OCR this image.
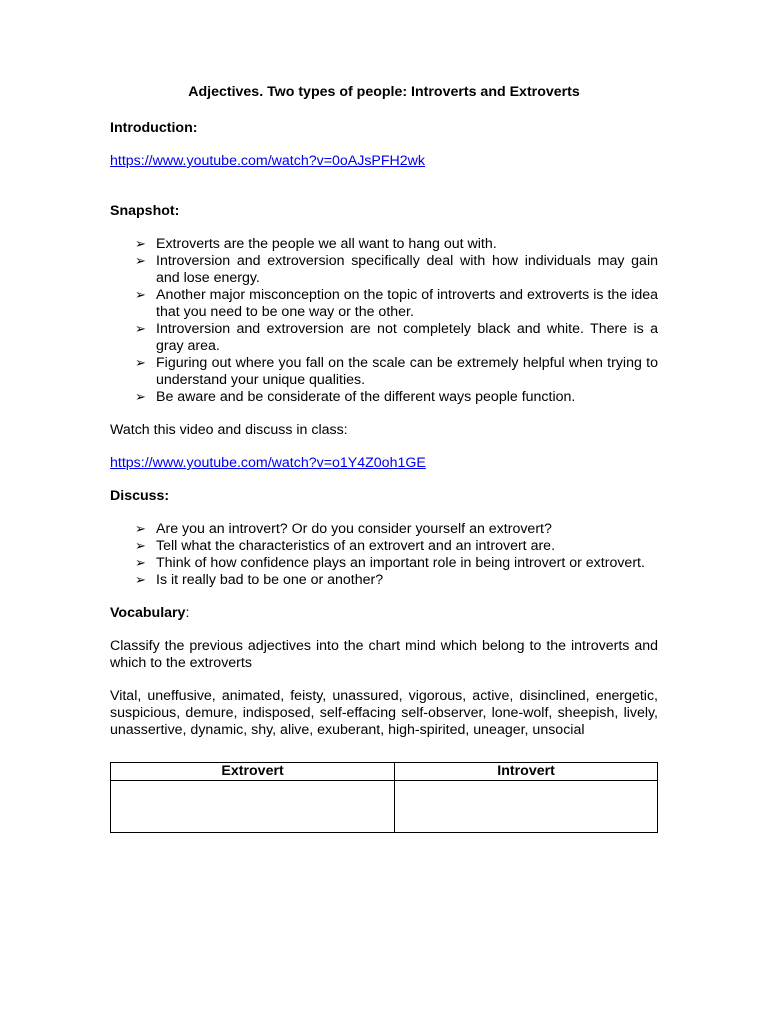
Adjectives. Two types of people: Introverts and Extroverts

Introduction:

https://www.youtube.com/watch?v=0oAJsPFH2wk

Snapshot:

➢ Extroverts are the people we all want to hang out with.
➢ Introversion and extroversion specifically deal with how individuals may gain and lose energy.
➢ Another major misconception on the topic of introverts and extroverts is the idea that you need to be one way or the other.
➢ Introversion and extroversion are not completely black and white. There is a gray area.
➢ Figuring out where you fall on the scale can be extremely helpful when trying to understand your unique qualities.
➢ Be aware and be considerate of the different ways people function.

Watch this video and discuss in class:

https://www.youtube.com/watch?v=o1Y4Z0oh1GE

Discuss:

➢ Are you an introvert? Or do you consider yourself an extrovert?
➢ Tell what the characteristics of an extrovert and an introvert are.
➢ Think of how confidence plays an important role in being introvert or extrovert.
➢ Is it really bad to be one or another?

Vocabulary:

Classify the previous adjectives into the chart mind which belong to the introverts and which to the extroverts

Vital, uneffusive, animated, feisty, unassured, vigorous, active, disinclined, energetic, suspicious, demure, indisposed, self-effacing self-observer, lone-wolf, sheepish, lively, unassertive, dynamic, shy, alive, exuberant, high-spirited, uneager, unsocial

Extrovert	Introvert
